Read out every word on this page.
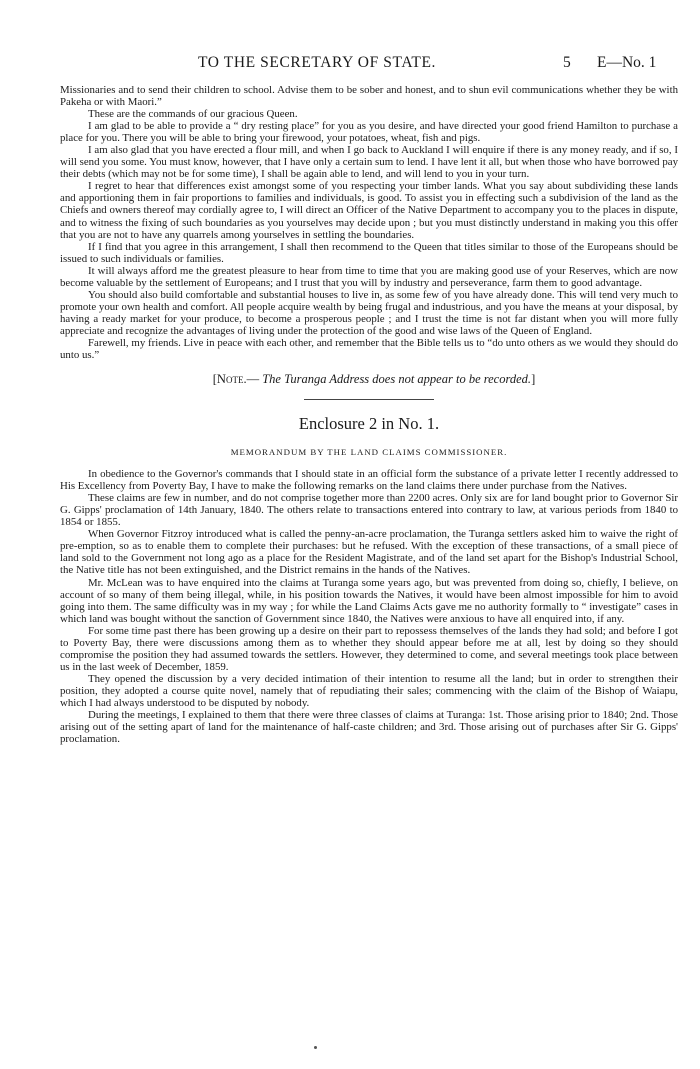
TO THE SECRETARY OF STATE.	5 E—No. 1

Missionaries and to send their children to school. Advise them to be sober and honest, and to shun evil communications whether they be with Pakeha or with Maori.”

These are the commands of our gracious Queen.

I am glad to be able to provide a “ dry resting place” for you as you desire, and have directed your good friend Hamilton to purchase a place for you. There you will be able to bring your firewood, your potatoes, wheat, fish and pigs.

I am also glad that you have erected a flour mill, and when I go back to Auckland I will enquire if there is any money ready, and if so, I will send you some. You must know, however, that I have only a certain sum to lend. I have lent it all, but when those who have borrowed pay their debts (which may not be for some time), I shall be again able to lend, and will lend to you in your turn.

I regret to hear that differences exist amongst some of you respecting your timber lands. What you say about subdividing these lands and apportioning them in fair proportions to families and individuals, is good. To assist you in effecting such a subdivision of the land as the Chiefs and owners thereof may cordially agree to, I will direct an Officer of the Native Department to accompany you to the places in dispute, and to witness the fixing of such boundaries as you yourselves may decide upon ; but you must distinctly understand in making you this offer that you are not to have any quarrels among yourselves in settling the boundaries.

If I find that you agree in this arrangement, I shall then recommend to the Queen that titles similar to those of the Europeans should be issued to such individuals or families.

It will always afford me the greatest pleasure to hear from time to time that you are making good use of your Reserves, which are now become valuable by the settlement of Europeans; and I trust that you will by industry and perseverance, farm them to good advantage.

You should also build comfortable and substantial houses to live in, as some few of you have already done. This will tend very much to promote your own health and comfort. All people acquire wealth by being frugal and industrious, and you have the means at your disposal, by having a ready market for your produce, to become a prosperous people ; and I trust the time is not far distant when you will more fully appreciate and recognize the advantages of living under the protection of the good and wise laws of the Queen of England.

Farewell, my friends. Live in peace with each other, and remember that the Bible tells us to “do unto others as we would they should do unto us.”

[Note.— The Turanga Address does not appear to be recorded.]
Enclosure 2 in No. 1.
MEMORANDUM BY THE LAND CLAIMS COMMISSIONER.

In obedience to the Governor's commands that I should state in an official form the substance of a private letter I recently addressed to His Excellency from Poverty Bay, I have to make the following remarks on the land claims there under purchase from the Natives.

These claims are few in number, and do not comprise together more than 2200 acres. Only six are for land bought prior to Governor Sir G. Gipps' proclamation of 14th January, 1840. The others relate to transactions entered into contrary to law, at various periods from 1840 to 1854 or 1855.

When Governor Fitzroy introduced what is called the penny-an-acre proclamation, the Turanga settlers asked him to waive the right of pre-emption, so as to enable them to complete their purchases: but he refused. With the exception of these transactions, of a small piece of land sold to the Government not long ago as a place for the Resident Magistrate, and of the land set apart for the Bishop's Industrial School, the Native title has not been extinguished, and the District remains in the hands of the Natives.

Mr. McLean was to have enquired into the claims at Turanga some years ago, but was prevented from doing so, chiefly, I believe, on account of so many of them being illegal, while, in his position towards the Natives, it would have been almost impossible for him to avoid going into them. The same difficulty was in my way ; for while the Land Claims Acts gave me no authority formally to “ investigate” cases in which land was bought without the sanction of Government since 1840, the Natives were anxious to have all enquired into, if any.

For some time past there has been growing up a desire on their part to repossess themselves of the lands they had sold; and before I got to Poverty Bay, there were discussions among them as to whether they should appear before me at all, lest by doing so they should compromise the position they had assumed towards the settlers. However, they determined to come, and several meetings took place between us in the last week of December, 1859.

They opened the discussion by a very decided intimation of their intention to resume all the land; but in order to strengthen their position, they adopted a course quite novel, namely that of repudiating their sales; commencing with the claim of the Bishop of Waiapu, which I had always understood to be disputed by nobody.

During the meetings, I explained to them that there were three classes of claims at Turanga: 1st. Those arising prior to 1840; 2nd. Those arising out of the setting apart of land for the maintenance of half-caste children; and 3rd. Those arising out of purchases after Sir G. Gipps' proclamation.
